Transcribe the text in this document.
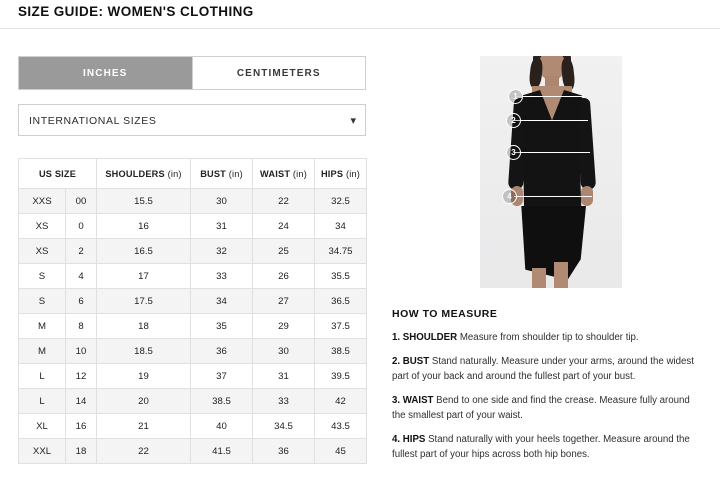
SIZE GUIDE: WOMEN'S CLOTHING
INCHES	CENTIMETERS
INTERNATIONAL SIZES	▾
US SIZE		SHOULDERS (in)	BUST (in)	WAIST (in)	HIPS (in)
XXS	00	15.5	30	22	32.5
XS	0	16	31	24	34
XS	2	16.5	32	25	34.75
S	4	17	33	26	35.5
S	6	17.5	34	27	36.5
M	8	18	35	29	37.5
M	10	18.5	36	30	38.5
L	12	19	37	31	39.5
L	14	20	38.5	33	42
XL	16	21	40	34.5	43.5
XXL	18	22	41.5	36	45
1
2
3
4
HOW TO MEASURE
1. SHOULDER Measure from shoulder tip to shoulder tip.
2. BUST Stand naturally. Measure under your arms, around the widest part of your back and around the fullest part of your bust.
3. WAIST Bend to one side and find the crease. Measure fully around the smallest part of your waist.
4. HIPS Stand naturally with your heels together. Measure around the fullest part of your hips across both hip bones.
